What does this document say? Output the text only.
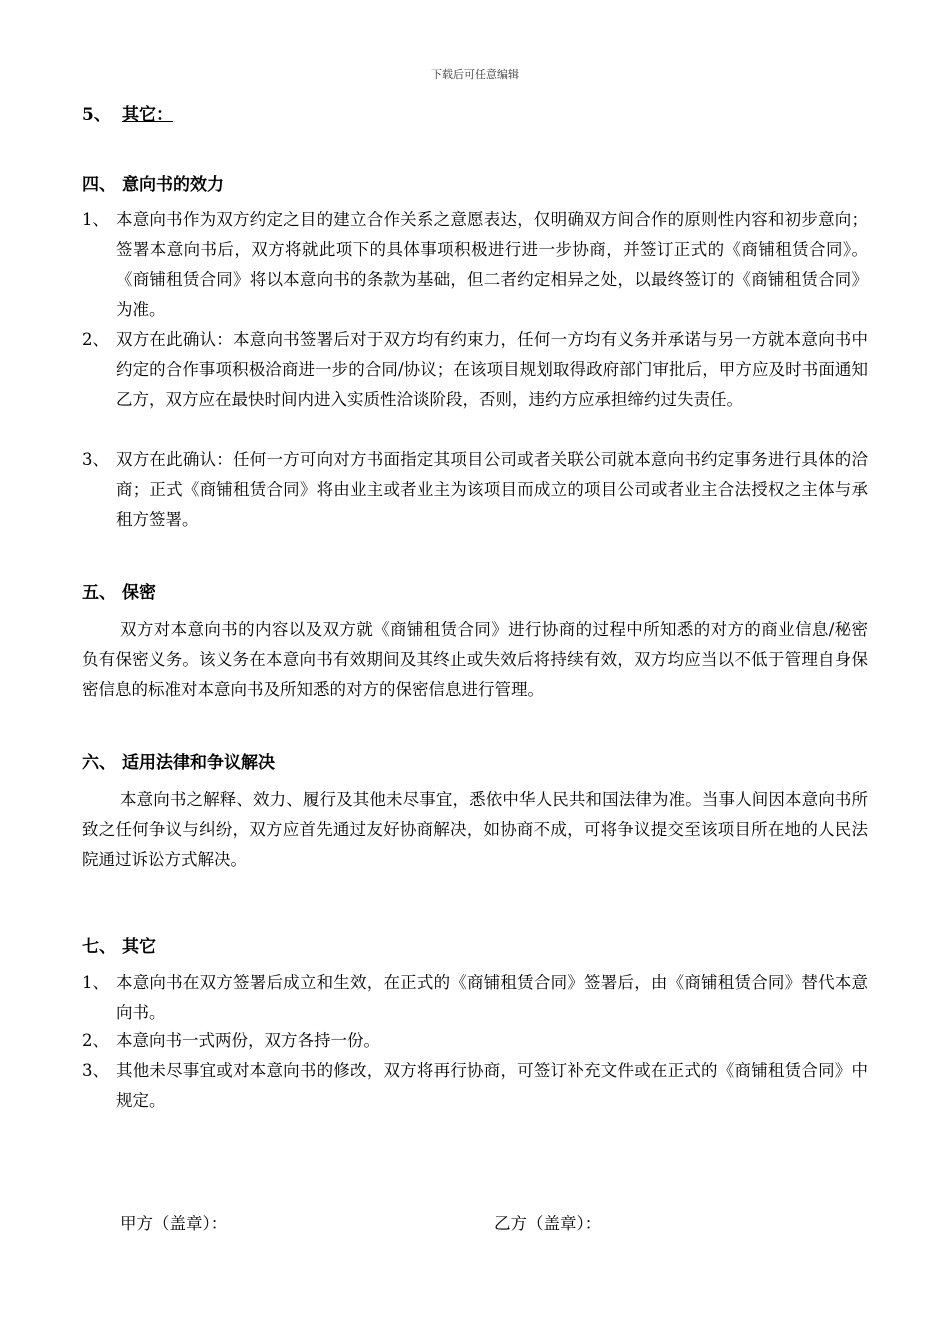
下载后可任意编辑
5、 其它：
四、 意向书的效力
1、 本意向书作为双方约定之目的建立合作关系之意愿表达，仅明确双方间合作的原则性内容和初步意向；签署本意向书后，双方将就此项下的具体事项积极进行进一步协商，并签订正式的《商铺租赁合同》。《商铺租赁合同》将以本意向书的条款为基础，但二者约定相异之处，以最终签订的《商铺租赁合同》为准。
2、 双方在此确认：本意向书签署后对于双方均有约束力，任何一方均有义务并承诺与另一方就本意向书中约定的合作事项积极洽商进一步的合同/协议；在该项目规划取得政府部门审批后，甲方应及时书面通知乙方，双方应在最快时间内进入实质性洽谈阶段，否则，违约方应承担缔约过失责任。
3、 双方在此确认：任何一方可向对方书面指定其项目公司或者关联公司就本意向书约定事务进行具体的洽商；正式《商铺租赁合同》将由业主或者业主为该项目而成立的项目公司或者业主合法授权之主体与承租方签署。
五、 保密
双方对本意向书的内容以及双方就《商铺租赁合同》进行协商的过程中所知悉的对方的商业信息/秘密负有保密义务。该义务在本意向书有效期间及其终止或失效后将持续有效，双方均应当以不低于管理自身保密信息的标准对本意向书及所知悉的对方的保密信息进行管理。
六、 适用法律和争议解决
本意向书之解释、效力、履行及其他未尽事宜，悉依中华人民共和国法律为准。当事人间因本意向书所致之任何争议与纠纷，双方应首先通过友好协商解决，如协商不成，可将争议提交至该项目所在地的人民法院通过诉讼方式解决。
七、 其它
1、 本意向书在双方签署后成立和生效，在正式的《商铺租赁合同》签署后，由《商铺租赁合同》替代本意向书。
2、 本意向书一式两份，双方各持一份。
3、 其他未尽事宜或对本意向书的修改，双方将再行协商，可签订补充文件或在正式的《商铺租赁合同》中规定。
甲方（盖章）：	乙方（盖章）：
